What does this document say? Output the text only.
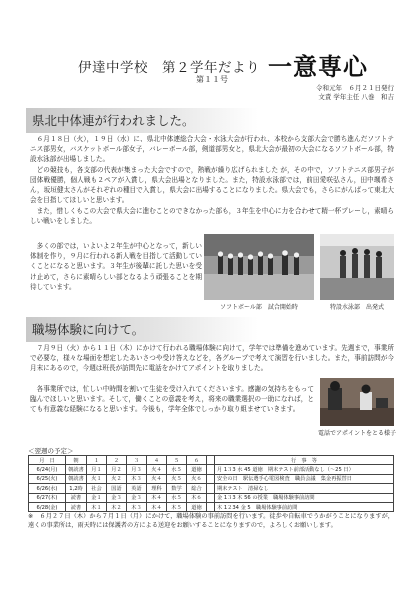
伊達中学校　第２学年だより 一意専心
第１１号
令和元年　６月２１日発行
文責 学年主任 八巻　和吉
県北中体連が行われました。

６月１８日（火），１９日（水）に、県北中体連総合大会・水泳大会が行われ、本校から支部大会で勝ち進んだソフトテニス部男女，バスケットボール部女子，バレーボール部，剣道部男女と，県北大会が最初の大会になるソフトボール部，特設水泳部が出場しました。

どの競技も，各支部の代表が集まった大会ですので，熱戦が繰り広げられました が，その中で，ソフトテニス部男子が団体戦優勝，個人戦も２ペアが入賞し，県大会出場となりました。また，特設水泳部では，前田愛咲弘さん，田中颯希さん，坂垣健太さんがそれぞれの種目で入賞し，県大会に出場することになりました。県大会でも，さらにがんばって東北大会を目指してほしいと思います。

また，惜しくもこの大会で県大会に進むことのできなかった部も，３年生を中心に力を合わせて精一杯プレーし，素晴らしい戦いをしました。

多くの部では，いよいよ２年生が中心となって，新しい体制を作り，９月に行われる新人戦を目指して活動していくことになると思います。３年生が後輩に託した思いを受け止めて，さらに素晴らしい部となるよう頑張ることを期待しています。

ソフトボール部　試合開始時	特設水泳部　出発式
職場体験に向けて。

７月９日（火）から１１日（木）にかけて行われる職場体験に向けて，学年では準備を進めています。先週まで，事業所で必要な，様々な場面を想定したあいさつや受け答えなどを，各グループで考えて演習を行いました。また，事前訪問が今月末にあるので，今週は班長が訪問先に電話をかけてアポイントを取りました。

各事業所では，忙しい中時間を割いて生徒を受け入れてくださいます。感謝の気持ちをもって臨んでほしいと思います。そして，働くことの意義を考え，将来の職業選択の一助になれば，とても有意義な経験になると思います。今後も，学年全体でしっかり取り組ませていきます。

電話でアポイントをとる様子
＜翌週の予定＞
月　日	朝	１	２	３	４	５	６		行　事　等
6/24(月)	朝読書	月１	月２	月３	火４	水５	道徳		月 1３3 水 45 道徳　期末テスト前部活動なし（～25 日）
6/25(火)	朝読書	火１	火２	木３	火４	火５	火６		安全の日　駅伝選手心電図検査　職員会議　集金再振替日
6/26(水)	1,2時	社会	国語	英語	理科	数学	総合		期末テスト　清掃なし
6/27(木)	読書	金１	金３	金３	木４	水５	木６		金 1３3 木 56 の授業　職場体験事前訪問
6/28(金)	読書	木１	木２	木３	木４	木５	道徳		木 1２34 金 5　職場体験事前訪問
※　６月２７日（木）から７月１日（月）にかけて，職場体験の事前訪問を行います。徒歩や自転車でうかがうことになりますが，遠くの事業所は，雨天時には保護者の方による送迎をお願いすることになりますので，よろしくお願いします。
